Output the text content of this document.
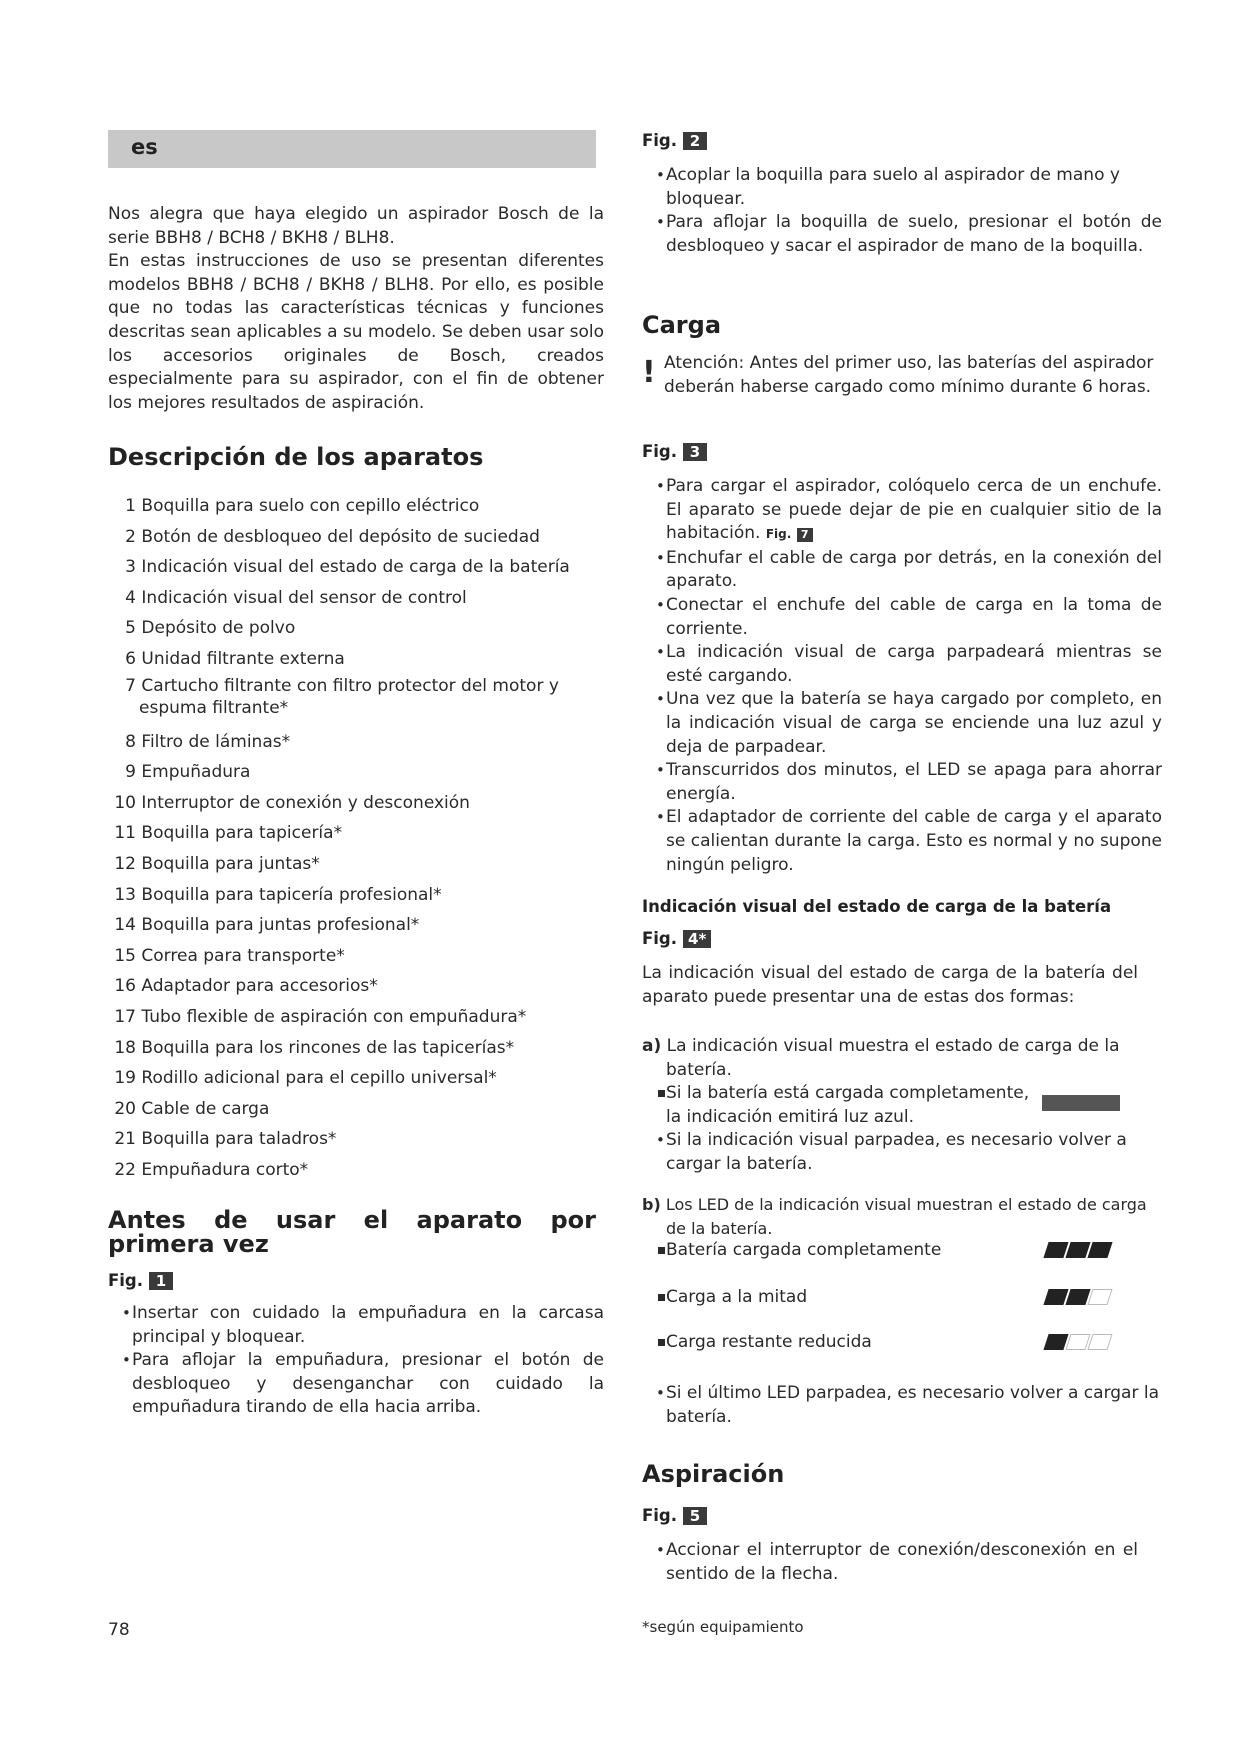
es

Nos alegra que haya elegido un aspirador Bosch de la serie BBH8 / BCH8 / BKH8 / BLH8.

En estas instrucciones de uso se presentan diferentes modelos BBH8 / BCH8 / BKH8 / BLH8. Por ello, es posible que no todas las características técnicas y funciones descritas sean aplicables a su modelo. Se deben usar solo los accesorios originales de Bosch, creados especialmente para su aspirador, con el fin de obtener los mejores resultados de aspiración.

Descripción de los aparatos
1 Boquilla para suelo con cepillo eléctrico
2 Botón de desbloqueo del depósito de suciedad
3 Indicación visual del estado de carga de la batería
4 Indicación visual del sensor de control
5 Depósito de polvo
6 Unidad filtrante externa
7 Cartucho filtrante con filtro protector del motor y
espuma filtrante*
8 Filtro de láminas*
9 Empuñadura
10 Interruptor de conexión y desconexión
11 Boquilla para tapicería*
12 Boquilla para juntas*
13 Boquilla para tapicería profesional*
14 Boquilla para juntas profesional*
15 Correa para transporte*
16 Adaptador para accesorios*
17 Tubo flexible de aspiración con empuñadura*
18 Boquilla para los rincones de las tapicerías*
19 Rodillo adicional para el cepillo universal*
20 Cable de carga
21 Boquilla para taladros*
22 Empuñadura corto*
Antes de usar el aparato por primera vez
Fig. 1
• Insertar con cuidado la empuñadura en la carcasa principal y bloquear.
• Para aflojar la empuñadura, presionar el botón de desbloqueo y desenganchar con cuidado la empuñadura tirando de ella hacia arriba.
78
Fig. 2
• Acoplar la boquilla para suelo al aspirador de mano y bloquear.
• Para aflojar la boquilla de suelo, presionar el botón de desbloqueo y sacar el aspirador de mano de la boquilla.
Carga
! Atención: Antes del primer uso, las baterías del aspirador deberán haberse cargado como mínimo durante 6 horas.
Fig. 3
• Para cargar el aspirador, colóquelo cerca de un enchufe. El aparato se puede dejar de pie en cualquier sitio de la habitación. Fig. 7
• Enchufar el cable de carga por detrás, en la conexión del aparato.
• Conectar el enchufe del cable de carga en la toma de corriente.
• La indicación visual de carga parpadeará mientras se esté cargando.
• Una vez que la batería se haya cargado por completo, en la indicación visual de carga se enciende una luz azul y deja de parpadear.
• Transcurridos dos minutos, el LED se apaga para ahorrar energía.
• El adaptador de corriente del cable de carga y el aparato se calientan durante la carga. Esto es normal y no supone ningún peligro.
Indicación visual del estado de carga de la batería
Fig. 4*

La indicación visual del estado de carga de la batería del aparato puede presentar una de estas dos formas:

a) La indicación visual muestra el estado de carga de la batería.
Si la batería está cargada completamente, la indicación emitirá luz azul.
• Si la indicación visual parpadea, es necesario volver a cargar la batería.
b) Los LED de la indicación visual muestran el estado de carga de la batería.
Batería cargada completamente
Carga a la mitad
Carga restante reducida
• Si el último LED parpadea, es necesario volver a cargar la batería.
Aspiración
Fig. 5
• Accionar el interruptor de conexión/desconexión en el sentido de la flecha.
*según equipamiento
